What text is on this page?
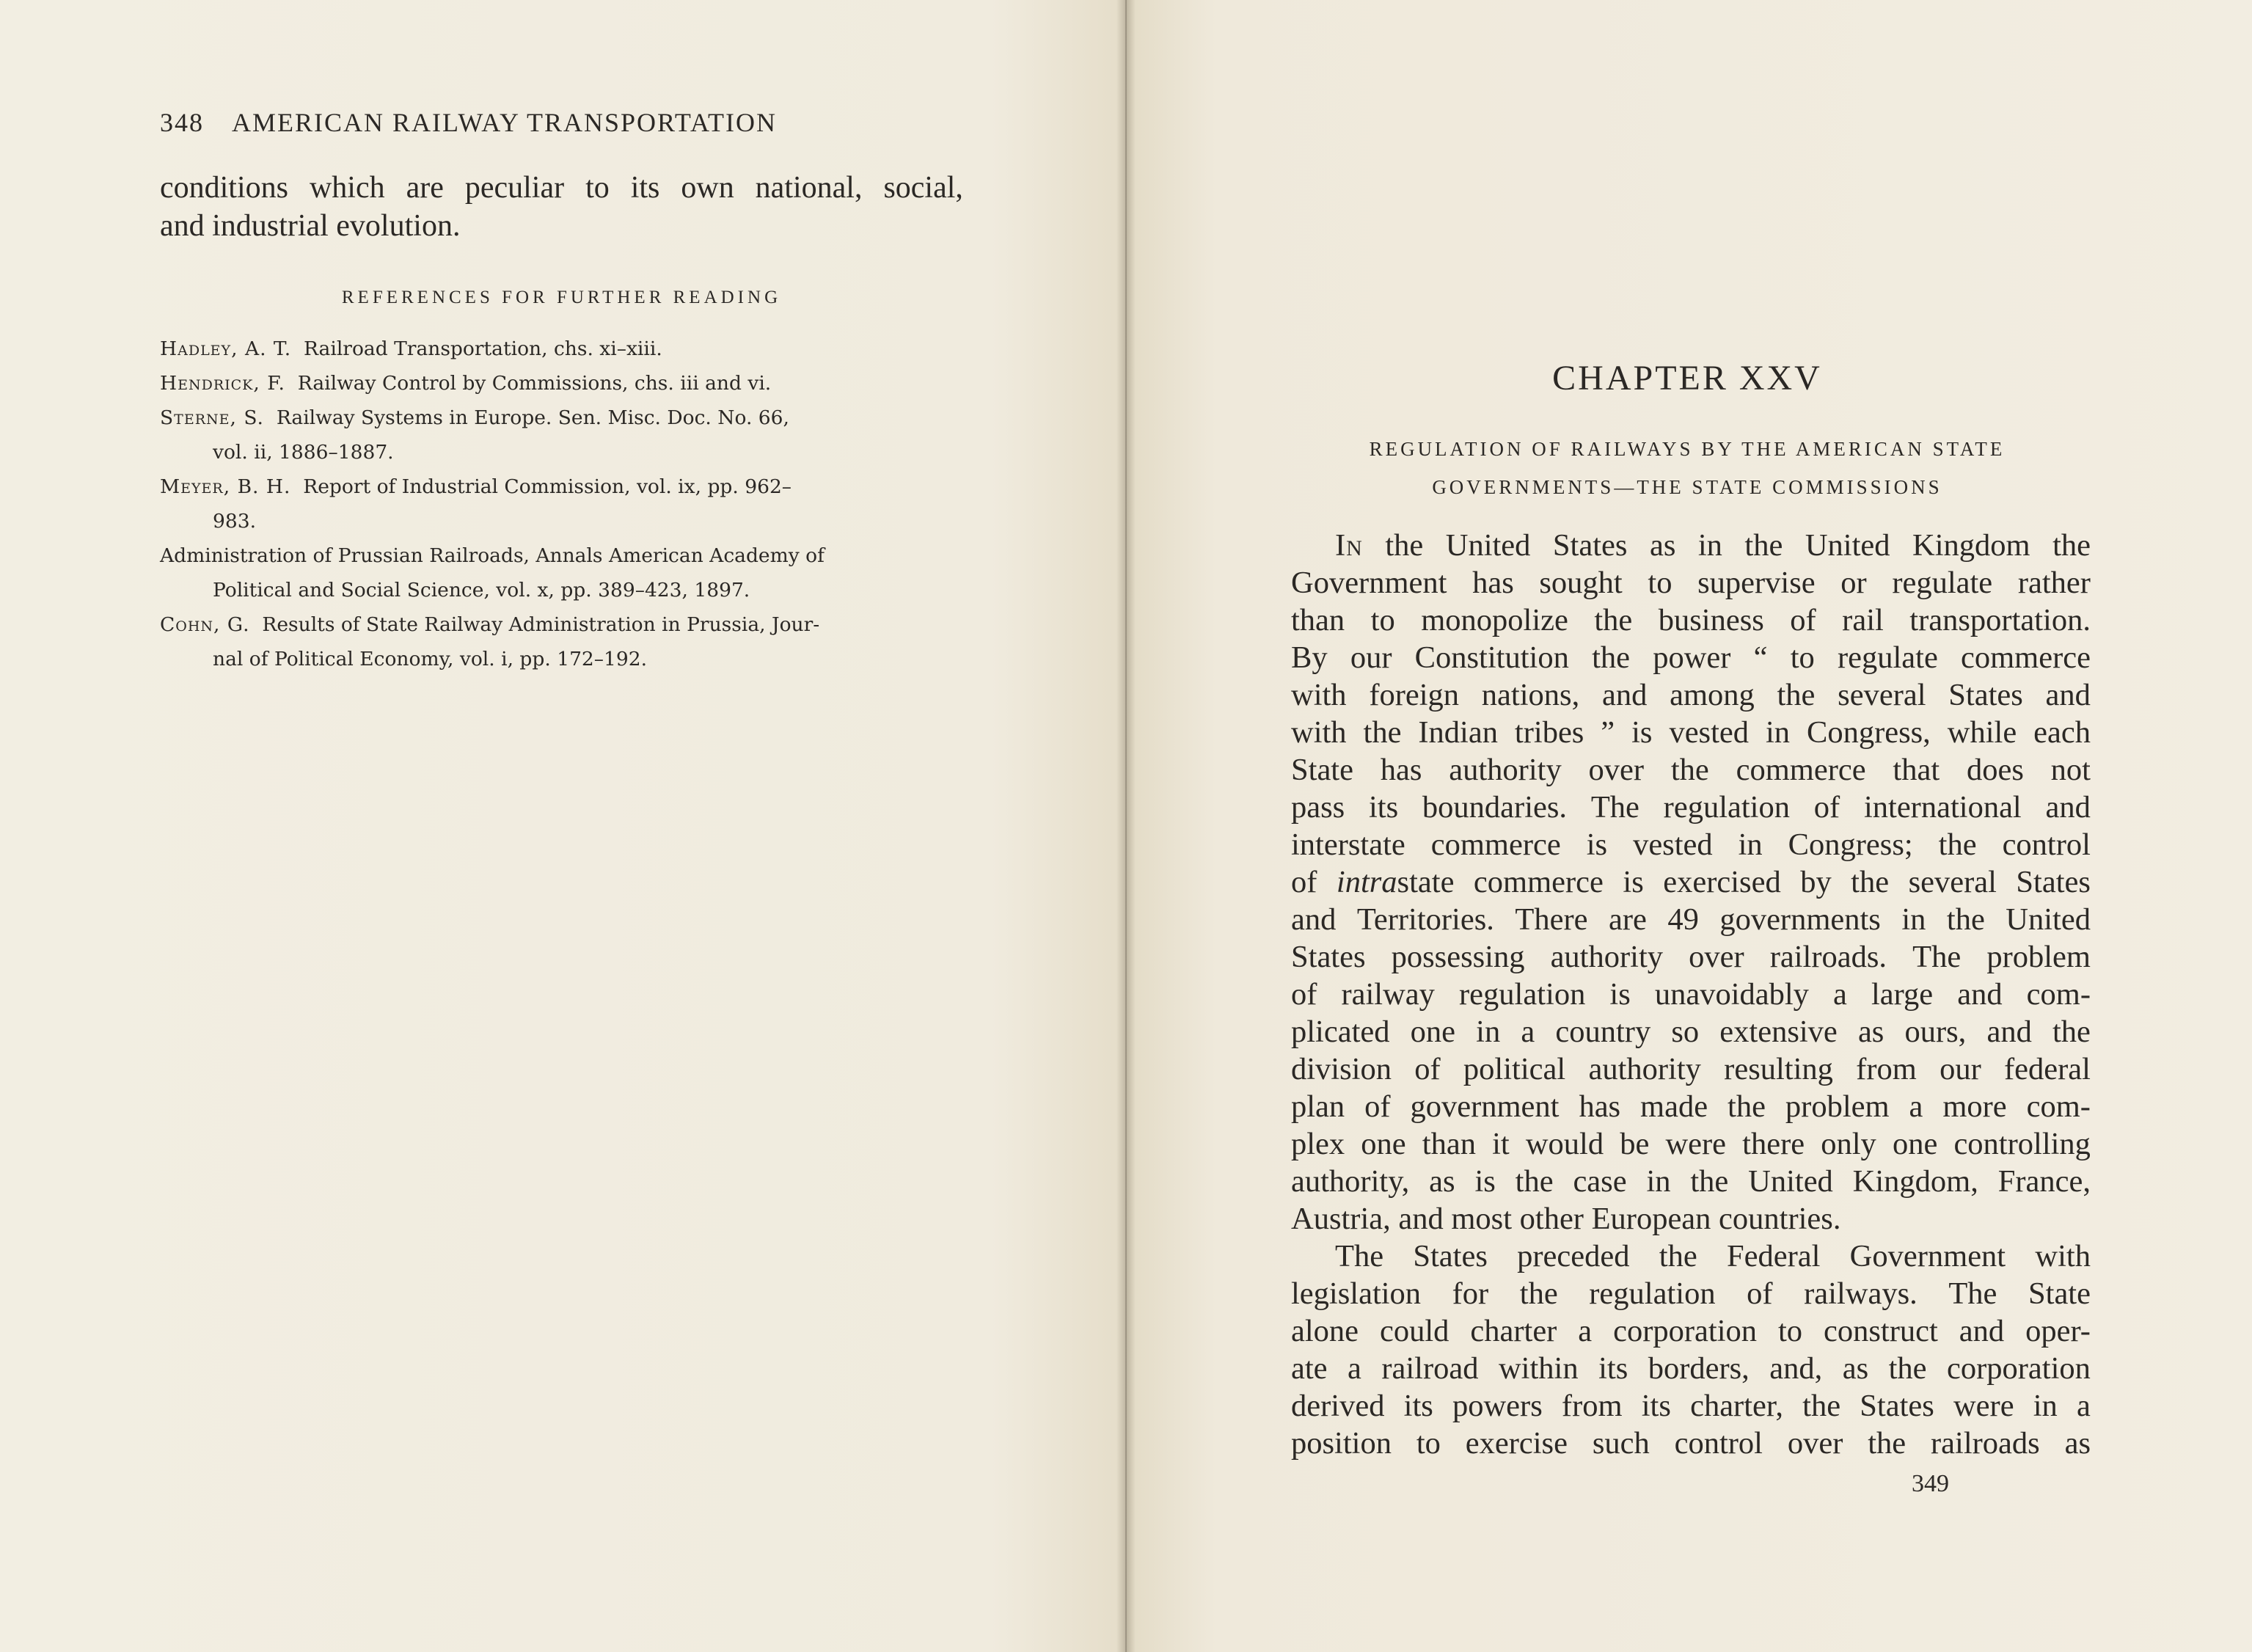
348 AMERICAN RAILWAY TRANSPORTATION
conditions which are peculiar to its own national, social,
and industrial evolution.
REFERENCES FOR FURTHER READING
Hadley, A. T. Railroad Transportation, chs. xi–xiii.
Hendrick, F. Railway Control by Commissions, chs. iii and vi.
Sterne, S. Railway Systems in Europe. Sen. Misc. Doc. No. 66,
vol. ii, 1886–1887.
Meyer, B. H. Report of Industrial Commission, vol. ix, pp. 962–
983.
Administration of Prussian Railroads, Annals American Academy of
Political and Social Science, vol. x, pp. 389–423, 1897.
Cohn, G. Results of State Railway Administration in Prussia, Jour-
nal of Political Economy, vol. i, pp. 172–192.
CHAPTER XXV
REGULATION OF RAILWAYS BY THE AMERICAN STATE
GOVERNMENTS—THE STATE COMMISSIONS
In the United States as in the United Kingdom the
Government has sought to supervise or regulate rather
than to monopolize the business of rail transportation.
By our Constitution the power “ to regulate commerce
with foreign nations, and among the several States and
with the Indian tribes ” is vested in Congress, while each
State has authority over the commerce that does not
pass its boundaries. The regulation of international and
interstate commerce is vested in Congress; the control
of intrastate commerce is exercised by the several States
and Territories. There are 49 governments in the United
States possessing authority over railroads. The problem
of railway regulation is unavoidably a large and com-
plicated one in a country so extensive as ours, and the
division of political authority resulting from our federal
plan of government has made the problem a more com-
plex one than it would be were there only one controlling
authority, as is the case in the United Kingdom, France,
Austria, and most other European countries.
The States preceded the Federal Government with
legislation for the regulation of railways. The State
alone could charter a corporation to construct and oper-
ate a railroad within its borders, and, as the corporation
derived its powers from its charter, the States were in a
position to exercise such control over the railroads as
349
